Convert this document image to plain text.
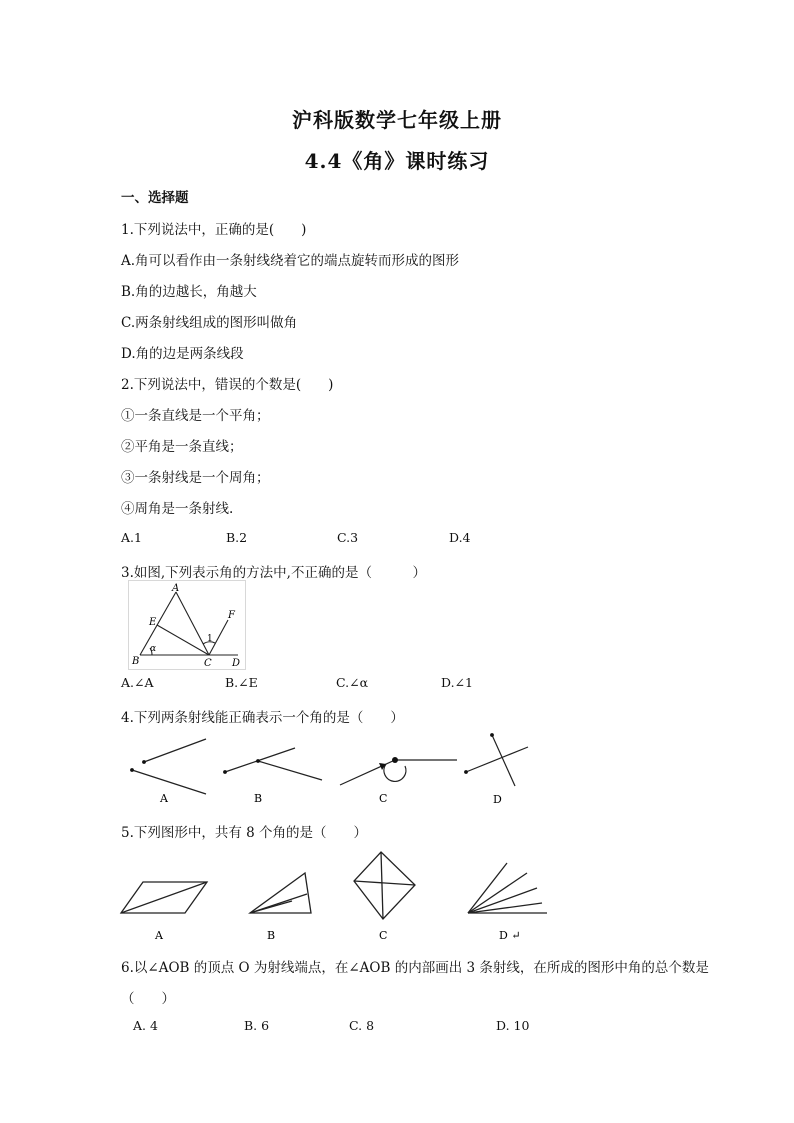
沪科版数学七年级上册
4.4《角》课时练习
一、选择题
1.下列说法中，正确的是(　　)
A.角可以看作由一条射线绕着它的端点旋转而形成的图形
B.角的边越长，角越大
C.两条射线组成的图形叫做角
D.角的边是两条线段
2.下列说法中，错误的个数是(　　)
①一条直线是一个平角；
②平角是一条直线；
③一条射线是一个周角；
④周角是一条射线.
A.1	B.2	C.3	D.4
3.如图,下列表示角的方法中,不正确的是（　　　）
A
E
F
1
α
B	C D
A.∠A	B.∠E	C.∠α	D.∠1
4.下列两条射线能正确表示一个角的是（　　）
A	B	C	D
5.下列图形中，共有 8 个角的是（　　）
A	B	C	D ↵
6.以∠AOB 的顶点 O 为射线端点，在∠AOB 的内部画出 3 条射线，在所成的图形中角的总个数是
（　　）
A. 4	B. 6	C. 8	D. 10
